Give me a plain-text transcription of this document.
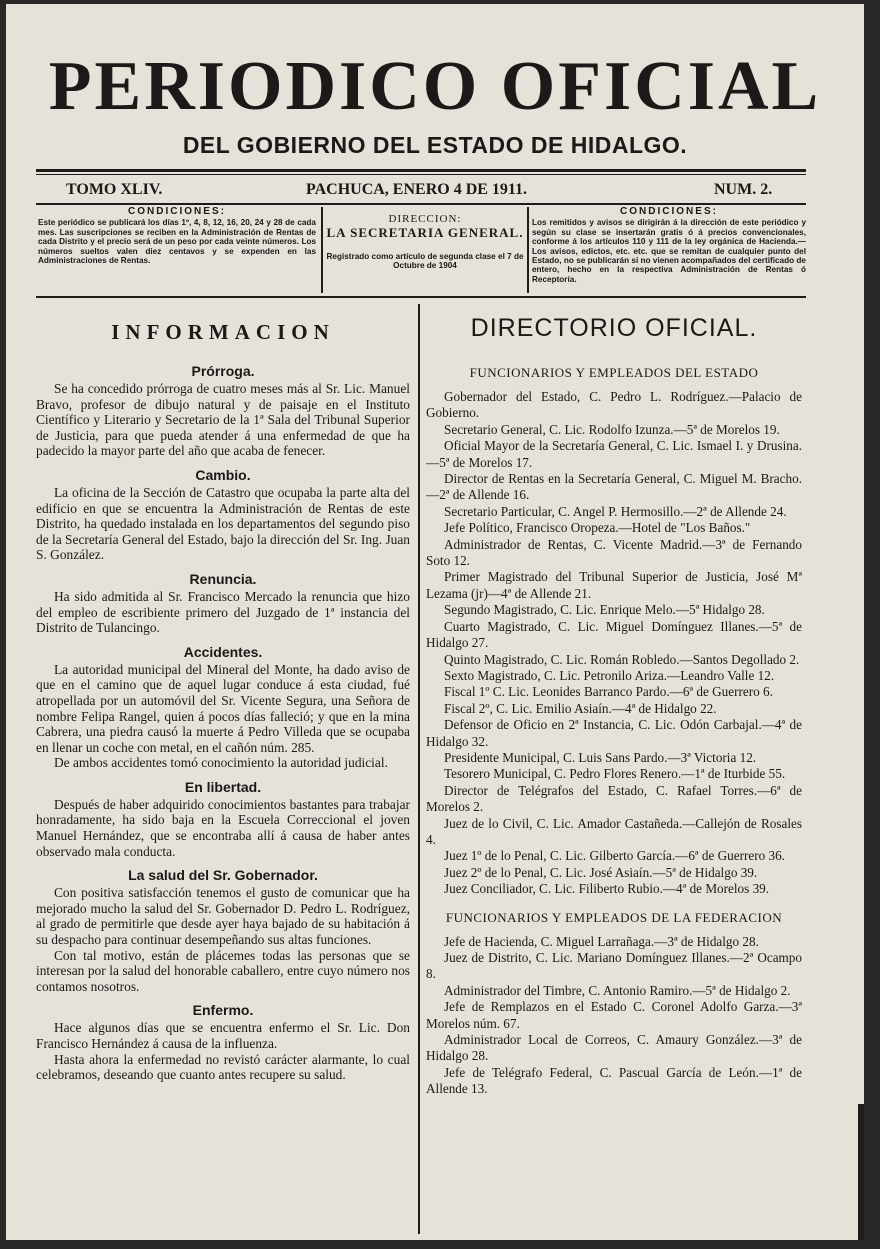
PERIODICO OFICIAL
DEL GOBIERNO DEL ESTADO DE HIDALGO.
TOMO XLIV.	PACHUCA, ENERO 4 DE 1911.	NUM. 2.
CONDICIONES:
Este periódico se publicará los días 1º, 4, 8, 12, 16, 20, 24 y 28 de cada mes. Las suscripciones se reciben en la Administración de Rentas de cada Distrito y el precio será de un peso por cada veinte números. Los números sueltos valen diez centavos y se expenden en las Administraciones de Rentas.
DIRECCION:
LA SECRETARIA GENERAL.
Registrado como artículo de segunda clase el 7 de Octubre de 1904
CONDICIONES:
Los remitidos y avisos se dirigirán á la dirección de este periódico y según su clase se insertarán gratis ó á precios convencionales, conforme á los artículos 110 y 111 de la ley orgánica de Hacienda.—Los avisos, edictos, etc. etc. que se remitan de cualquier punto del Estado, no se publicarán si no vienen acompañados del certificado de entero, hecho en la respectiva Administración de Rentas ó Receptoría.
INFORMACION
Prórroga.

Se ha concedido prórroga de cuatro meses más al Sr. Lic. Manuel Bravo, profesor de dibujo natural y de paisaje en el Instituto Científico y Literario y Secretario de la 1ª Sala del Tribunal Superior de Justicia, para que pueda atender á una enfermedad de que ha padecido la mayor parte del año que acaba de fenecer.

Cambio.

La oficina de la Sección de Catastro que ocupaba la parte alta del edificio en que se encuentra la Administración de Rentas de este Distrito, ha quedado instalada en los departamentos del segundo piso de la Secretaría General del Estado, bajo la dirección del Sr. Ing. Juan S. González.

Renuncia.

Ha sido admitida al Sr. Francisco Mercado la renuncia que hizo del empleo de escribiente primero del Juzgado de 1ª instancia del Distrito de Tulancingo.

Accidentes.

La autoridad municipal del Mineral del Monte, ha dado aviso de que en el camino que de aquel lugar conduce á esta ciudad, fué atropellada por un automóvil del Sr. Vicente Segura, una Señora de nombre Felipa Rangel, quien á pocos días falleció; y que en la mina Cabrera, una piedra causó la muerte á Pedro Villeda que se ocupaba en llenar un coche con metal, en el cañón núm. 285.

De ambos accidentes tomó conocimiento la autoridad judicial.

En libertad.

Después de haber adquirido conocimientos bastantes para trabajar honradamente, ha sido baja en la Escuela Correccional el joven Manuel Hernández, que se encontraba allí á causa de haber antes observado mala conducta.

La salud del Sr. Gobernador.

Con positiva satisfacción tenemos el gusto de comunicar que ha mejorado mucho la salud del Sr. Gobernador D. Pedro L. Rodríguez, al grado de permitirle que desde ayer haya bajado de su habitación á su despacho para continuar desempeñando sus altas funciones.

Con tal motivo, están de plácemes todas las personas que se interesan por la salud del honorable caballero, entre cuyo número nos contamos nosotros.

Enfermo.

Hace algunos días que se encuentra enfermo el Sr. Lic. Don Francisco Hernández á causa de la influenza.

Hasta ahora la enfermedad no revistó carácter alarmante, lo cual celebramos, deseando que cuanto antes recupere su salud.

DIRECTORIO OFICIAL.
FUNCIONARIOS Y EMPLEADOS DEL ESTADO

Gobernador del Estado, C. Pedro L. Rodríguez.—Palacio de Gobierno.

Secretario General, C. Lic. Rodolfo Izunza.—5ª de Morelos 19.

Oficial Mayor de la Secretaría General, C. Lic. Ismael I. y Drusina.—5ª de Morelos 17.

Director de Rentas en la Secretaría General, C. Miguel M. Bracho.—2ª de Allende 16.

Secretario Particular, C. Angel P. Hermosillo.—2ª de Allende 24.

Jefe Político, Francisco Oropeza.—Hotel de "Los Baños."

Administrador de Rentas, C. Vicente Madrid.—3ª de Fernando Soto 12.

Primer Magistrado del Tribunal Superior de Justicia, José Mª Lezama (jr)—4ª de Allende 21.

Segundo Magistrado, C. Lic. Enrique Melo.—5ª Hidalgo 28.

Cuarto Magistrado, C. Lic. Miguel Domínguez Illanes.—5ª de Hidalgo 27.

Quinto Magistrado, C. Lic. Román Robledo.—Santos Degollado 2.

Sexto Magistrado, C. Lic. Petronilo Ariza.—Leandro Valle 12.

Fiscal 1º C. Lic. Leonides Barranco Pardo.—6ª de Guerrero 6.

Fiscal 2º, C. Lic. Emilio Asiaín.—4ª de Hidalgo 22.

Defensor de Oficio en 2ª Instancia, C. Lic. Odón Carbajal.—4ª de Hidalgo 32.

Presidente Municipal, C. Luis Sans Pardo.—3ª Victoria 12.

Tesorero Municipal, C. Pedro Flores Renero.—1ª de Iturbide 55.

Director de Telégrafos del Estado, C. Rafael Torres.—6ª de Morelos 2.

Juez de lo Civil, C. Lic. Amador Castañeda.—Callejón de Rosales 4.

Juez 1º de lo Penal, C. Lic. Gilberto García.—6ª de Guerrero 36.

Juez 2º de lo Penal, C. Lic. José Asiaín.—5ª de Hidalgo 39.

Juez Conciliador, C. Lic. Filiberto Rubio.—4ª de Morelos 39.

FUNCIONARIOS Y EMPLEADOS DE LA FEDERACION

Jefe de Hacienda, C. Miguel Larrañaga.—3ª de Hidalgo 28.

Juez de Distrito, C. Lic. Mariano Domínguez Illanes.—2ª Ocampo 8.

Administrador del Timbre, C. Antonio Ramiro.—5ª de Hidalgo 2.

Jefe de Remplazos en el Estado C. Coronel Adolfo Garza.—3ª Morelos núm. 67.

Administrador Local de Correos, C. Amaury González.—3ª de Hidalgo 28.

Jefe de Telégrafo Federal, C. Pascual García de León.—1ª de Allende 13.
